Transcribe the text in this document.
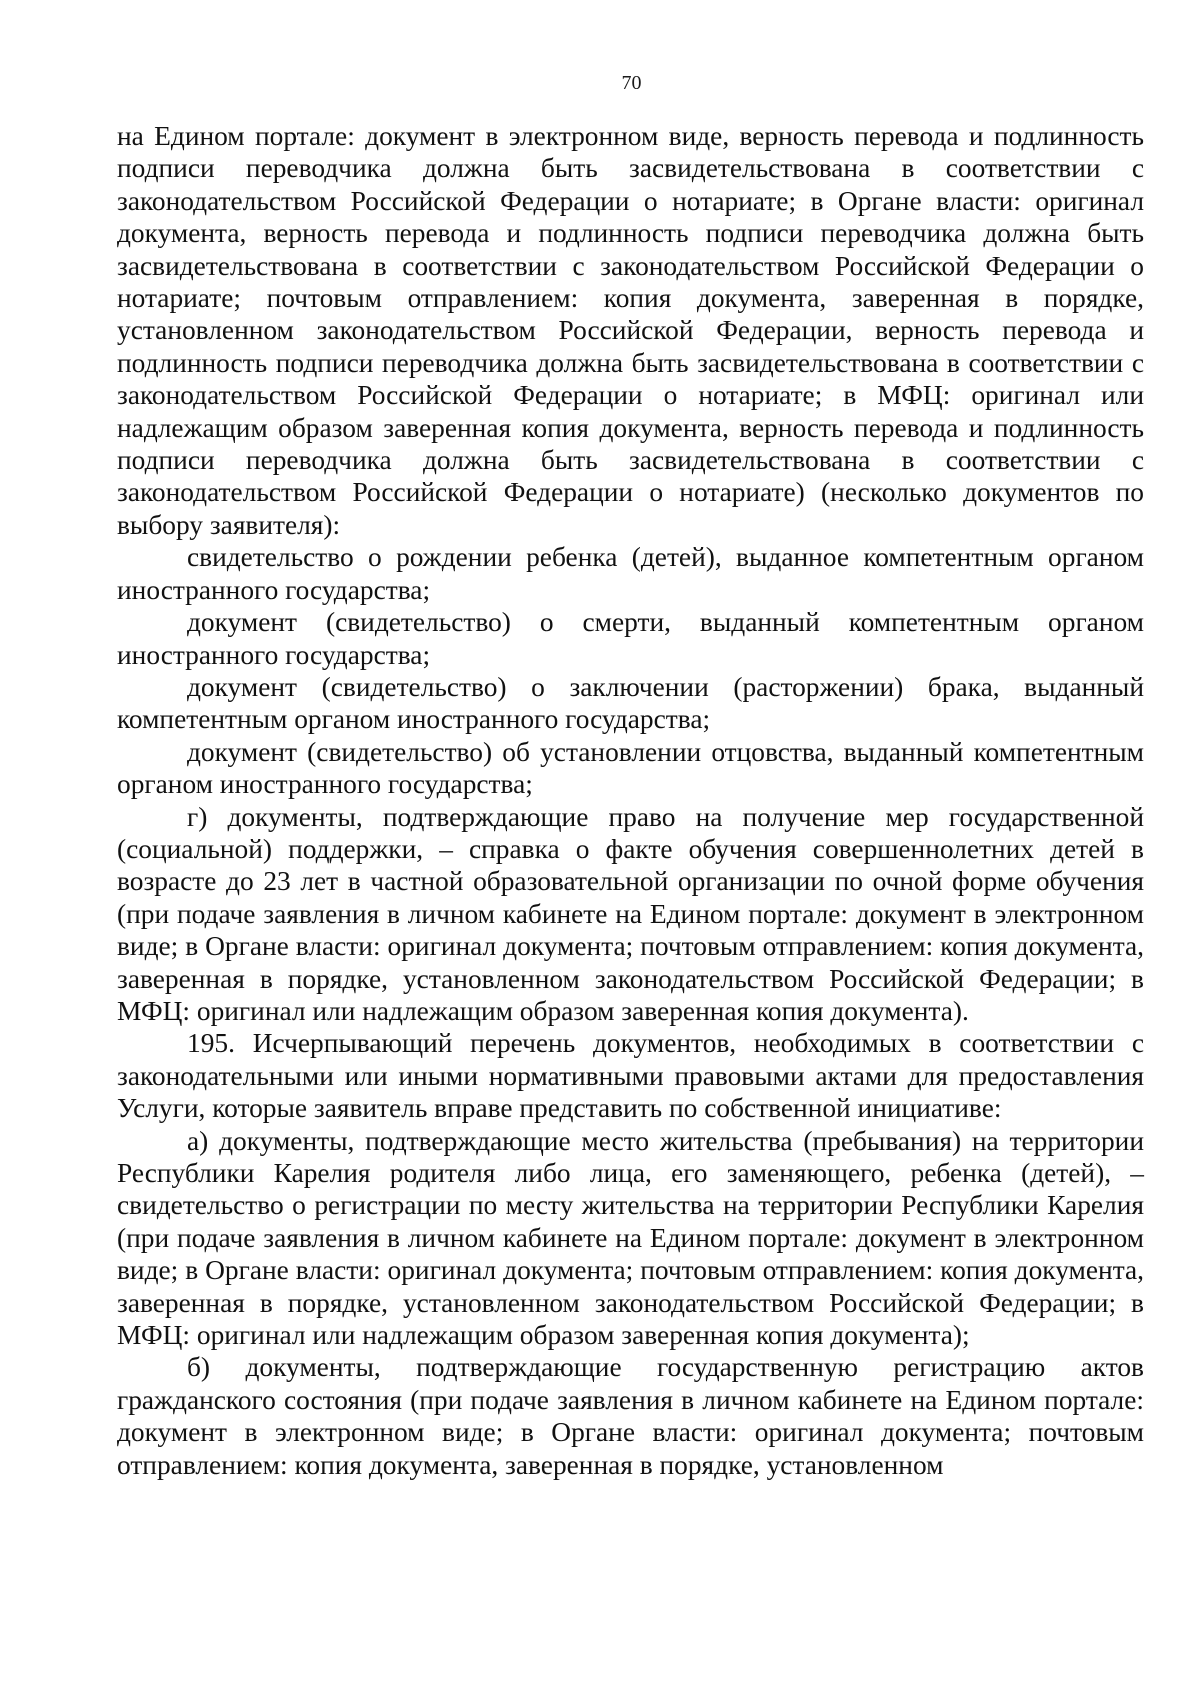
70

на Едином портале: документ в электронном виде, верность перевода и подлинность подписи переводчика должна быть засвидетельствована в соответствии с законодательством Российской Федерации о нотариате; в Органе власти: оригинал документа, верность перевода и подлинность подписи переводчика должна быть засвидетельствована в соответствии с законодательством Российской Федерации о нотариате; почтовым отправлением: копия документа, заверенная в порядке, установленном законодательством Российской Федерации, верность перевода и подлинность подписи переводчика должна быть засвидетельствована в соответствии с законодательством Российской Федерации о нотариате; в МФЦ: оригинал или надлежащим образом заверенная копия документа, верность перевода и подлинность подписи переводчика должна быть засвидетельствована в соответствии с законодательством Российской Федерации о нотариате) (несколько документов по выбору заявителя):

свидетельство о рождении ребенка (детей), выданное компетентным органом иностранного государства;

документ (свидетельство) о смерти, выданный компетентным органом иностранного государства;

документ (свидетельство) о заключении (расторжении) брака, выданный компетентным органом иностранного государства;

документ (свидетельство) об установлении отцовства, выданный компетентным органом иностранного государства;

г) документы, подтверждающие право на получение мер государственной (социальной) поддержки, – справка о факте обучения совершеннолетних детей в возрасте до 23 лет в частной образовательной организации по очной форме обучения (при подаче заявления в личном кабинете на Едином портале: документ в электронном виде; в Органе власти: оригинал документа; почтовым отправлением: копия документа, заверенная в порядке, установленном законодательством Российской Федерации; в МФЦ: оригинал или надлежащим образом заверенная копия документа).

195. Исчерпывающий перечень документов, необходимых в соответствии с законодательными или иными нормативными правовыми актами для предоставления Услуги, которые заявитель вправе представить по собственной инициативе:

а) документы, подтверждающие место жительства (пребывания) на территории Республики Карелия родителя либо лица, его заменяющего, ребенка (детей), – свидетельство о регистрации по месту жительства на территории Республики Карелия (при подаче заявления в личном кабинете на Едином портале: документ в электронном виде; в Органе власти: оригинал документа; почтовым отправлением: копия документа, заверенная в порядке, установленном законодательством Российской Федерации; в МФЦ: оригинал или надлежащим образом заверенная копия документа);

б) документы, подтверждающие государственную регистрацию актов гражданского состояния (при подаче заявления в личном кабинете на Едином портале: документ в электронном виде; в Органе власти: оригинал документа; почтовым отправлением: копия документа, заверенная в порядке, установленном
